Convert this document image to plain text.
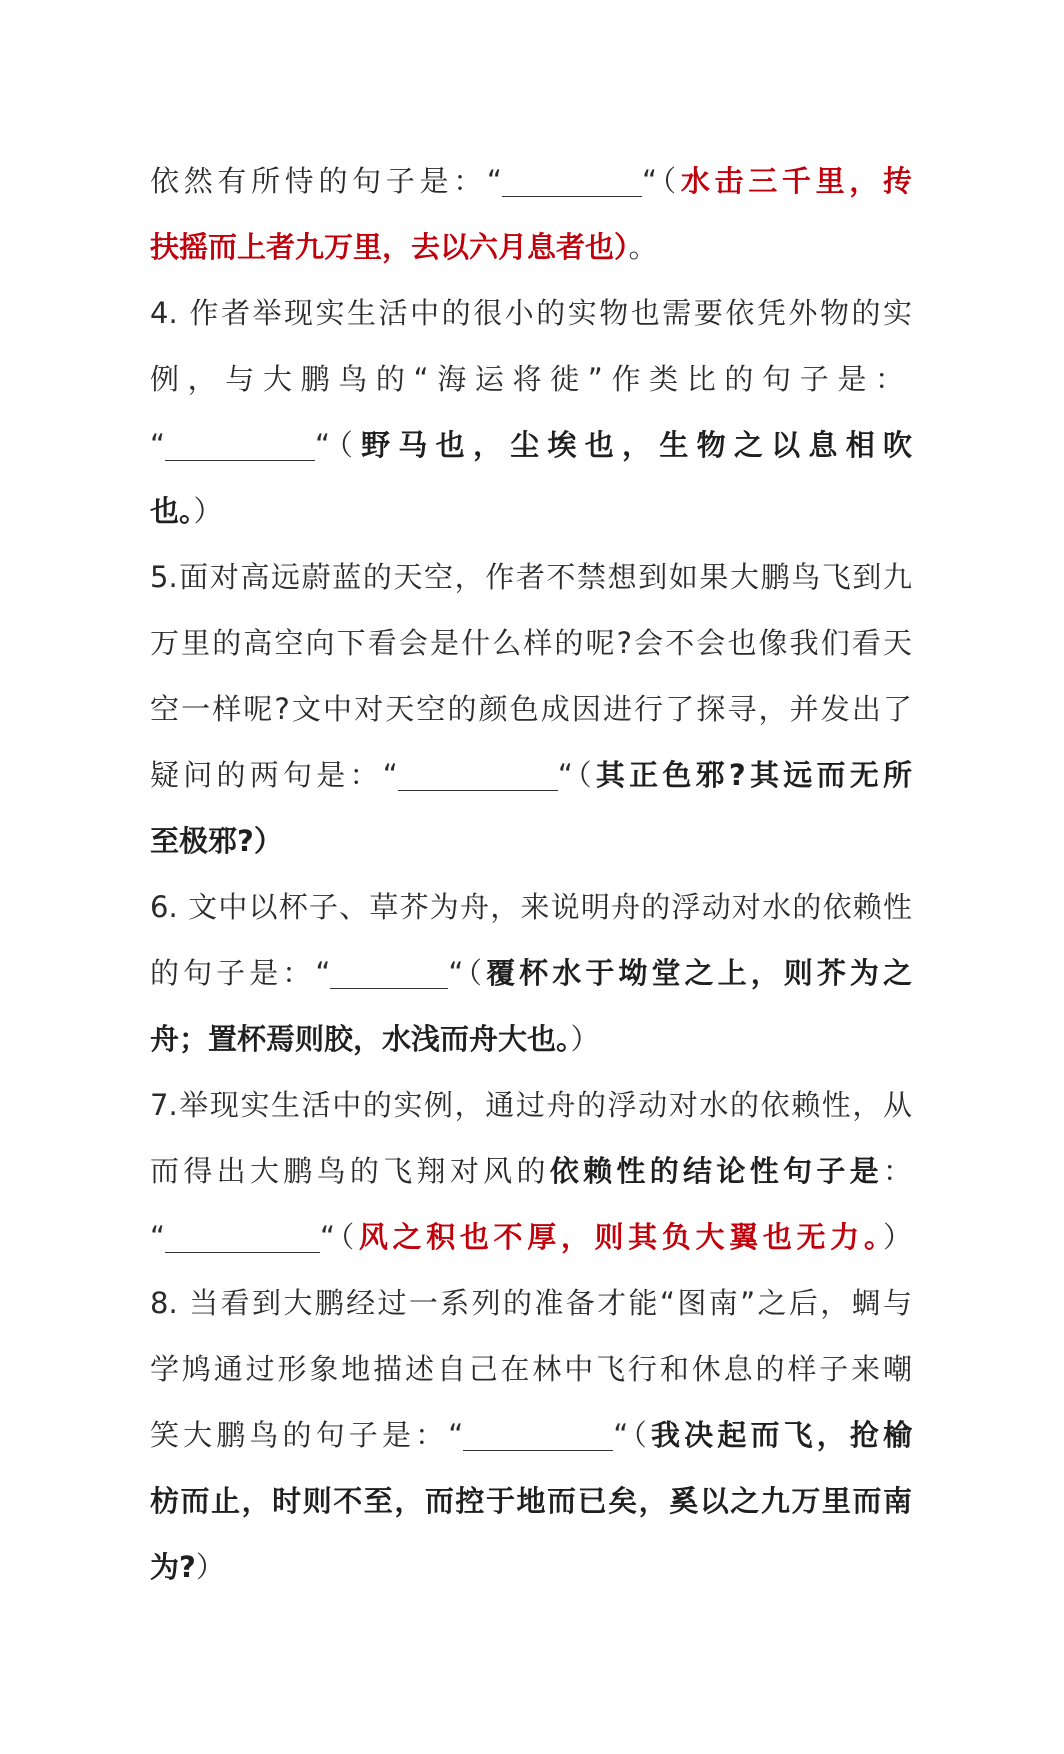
依然有所恃的句子是：“	“（水击三千里，抟
扶摇而上者九万里，去以六月息者也）。
4. 作者举现实生活中的很小的实物也需要依凭外物的实
例，与大鹏鸟的“海运将徙”作类比的句子是：
“	“（野马也，尘埃也，生物之以息相吹
也。）
5.面对高远蔚蓝的天空，作者不禁想到如果大鹏鸟飞到九
万里的高空向下看会是什么样的呢?会不会也像我们看天
空一样呢?文中对天空的颜色成因进行了探寻，并发出了
疑问的两句是：“	“（其正色邪?其远而无所
至极邪?）
6. 文中以杯子、草芥为舟，来说明舟的浮动对水的依赖性
的句子是：“	“（覆杯水于坳堂之上，则芥为之
舟；置杯焉则胶，水浅而舟大也。）
7.举现实生活中的实例，通过舟的浮动对水的依赖性，从
而得出大鹏鸟的飞翔对风的依赖性的结论性句子是：
“	“（风之积也不厚，则其负大翼也无力。）
8. 当看到大鹏经过一系列的准备才能“图南”之后，蜩与
学鸠通过形象地描述自己在林中飞行和休息的样子来嘲
笑大鹏鸟的句子是：“	“（我决起而飞，抢榆
枋而止，时则不至，而控于地而已矣，奚以之九万里而南
为?）
